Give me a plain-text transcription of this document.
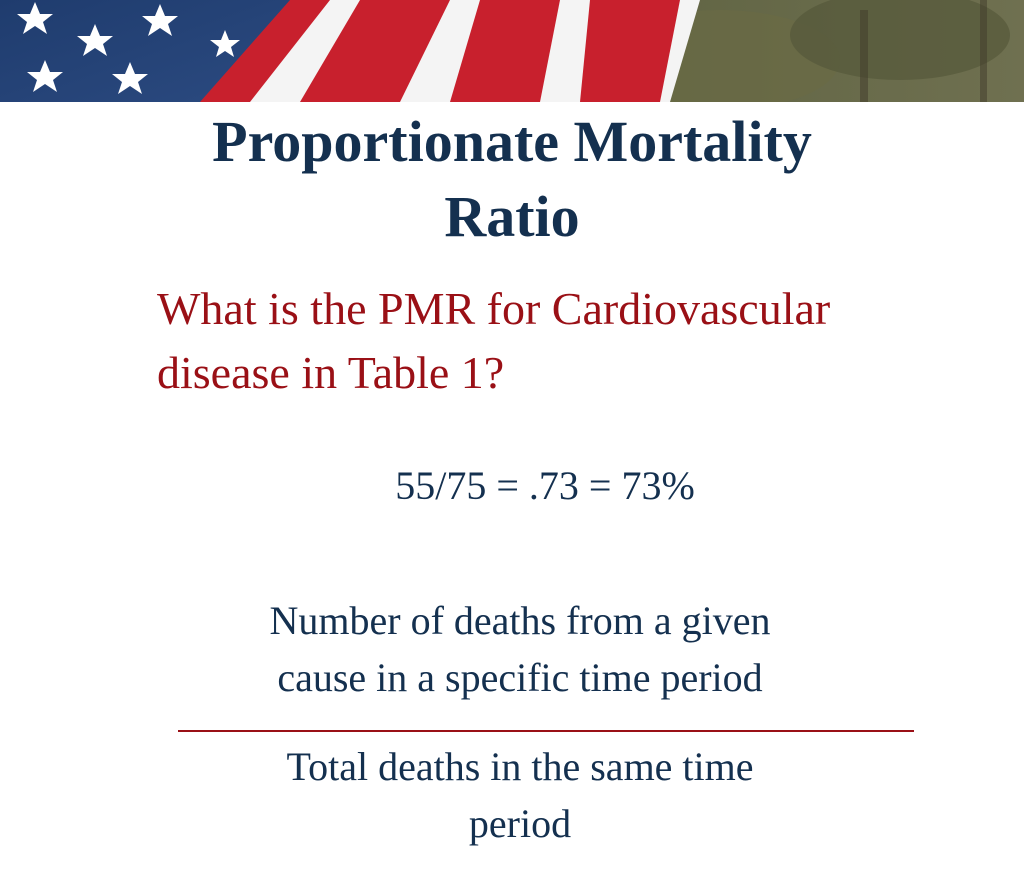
Proportionate Mortality
Ratio

What is the PMR for Cardiovascular
disease in Table 1?

55/75 = .73 = 73%

Number of deaths from a given
cause in a specific time period

Total deaths in the same time
period
